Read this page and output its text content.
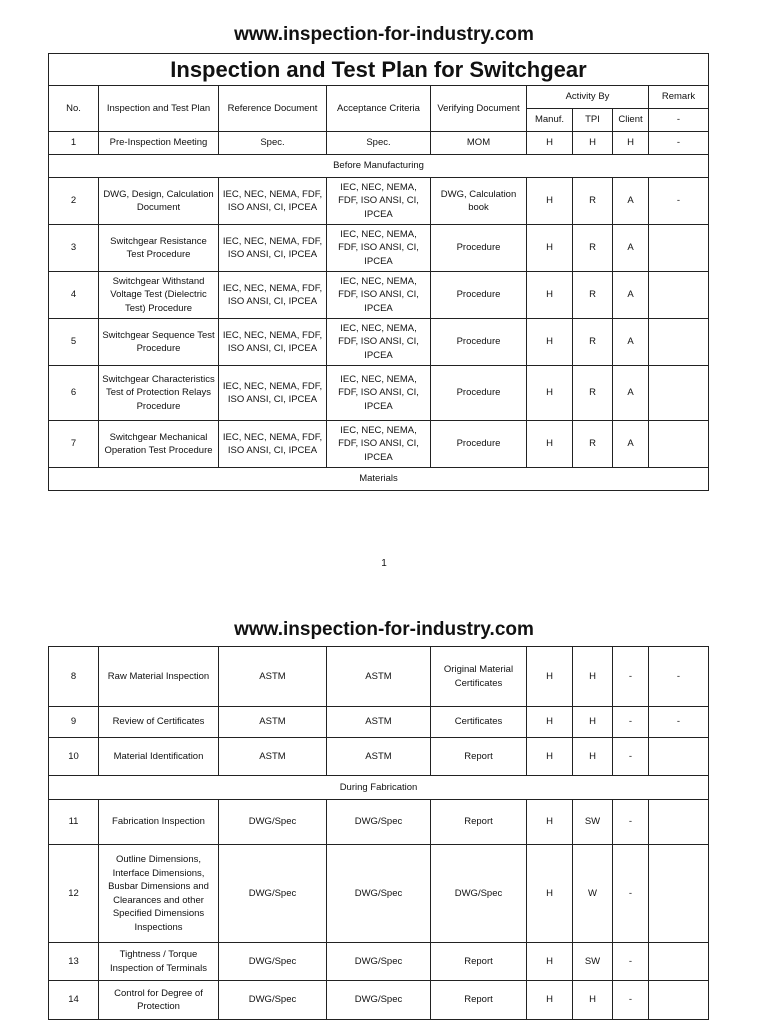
www.inspection-for-industry.com
Inspection and Test Plan for Switchgear								
No.	Inspection and Test Plan	Reference Document	Acceptance Criteria	Verifying Document	Activity By			Remark
					Manuf.	TPI	Client	-
1	Pre-Inspection Meeting	Spec.	Spec.	MOM	H	H	H	-
Before Manufacturing								
2	DWG, Design, Calculation Document	IEC, NEC, NEMA, FDF, ISO ANSI, CI, IPCEA	IEC, NEC, NEMA, FDF, ISO ANSI, CI, IPCEA	DWG, Calculation book	H	R	A	-
3	Switchgear Resistance Test Procedure	IEC, NEC, NEMA, FDF, ISO ANSI, CI, IPCEA	IEC, NEC, NEMA, FDF, ISO ANSI, CI, IPCEA	Procedure	H	R	A	
4	Switchgear Withstand Voltage Test (Dielectric Test) Procedure	IEC, NEC, NEMA, FDF, ISO ANSI, CI, IPCEA	IEC, NEC, NEMA, FDF, ISO ANSI, CI, IPCEA	Procedure	H	R	A	
5	Switchgear Sequence Test Procedure	IEC, NEC, NEMA, FDF, ISO ANSI, CI, IPCEA	IEC, NEC, NEMA, FDF, ISO ANSI, CI, IPCEA	Procedure	H	R	A	
6	Switchgear Characteristics Test of Protection Relays Procedure	IEC, NEC, NEMA, FDF, ISO ANSI, CI, IPCEA	IEC, NEC, NEMA, FDF, ISO ANSI, CI, IPCEA	Procedure	H	R	A	
7	Switchgear Mechanical Operation Test Procedure	IEC, NEC, NEMA, FDF, ISO ANSI, CI, IPCEA	IEC, NEC, NEMA, FDF, ISO ANSI, CI, IPCEA	Procedure	H	R	A	
Materials								
1
www.inspection-for-industry.com
8	Raw Material Inspection	ASTM	ASTM	Original Material Certificates	H	H	-	-
9	Review of Certificates	ASTM	ASTM	Certificates	H	H	-	-
10	Material Identification	ASTM	ASTM	Report	H	H	-	
During Fabrication								
11	Fabrication Inspection	DWG/Spec	DWG/Spec	Report	H	SW	-	
12	Outline Dimensions, Interface Dimensions, Busbar Dimensions and Clearances and other Specified Dimensions Inspections	DWG/Spec	DWG/Spec	DWG/Spec	H	W	-	
13	Tightness / Torque Inspection of Terminals	DWG/Spec	DWG/Spec	Report	H	SW	-	
14	Control for Degree of Protection	DWG/Spec	DWG/Spec	Report	H	H	-	
